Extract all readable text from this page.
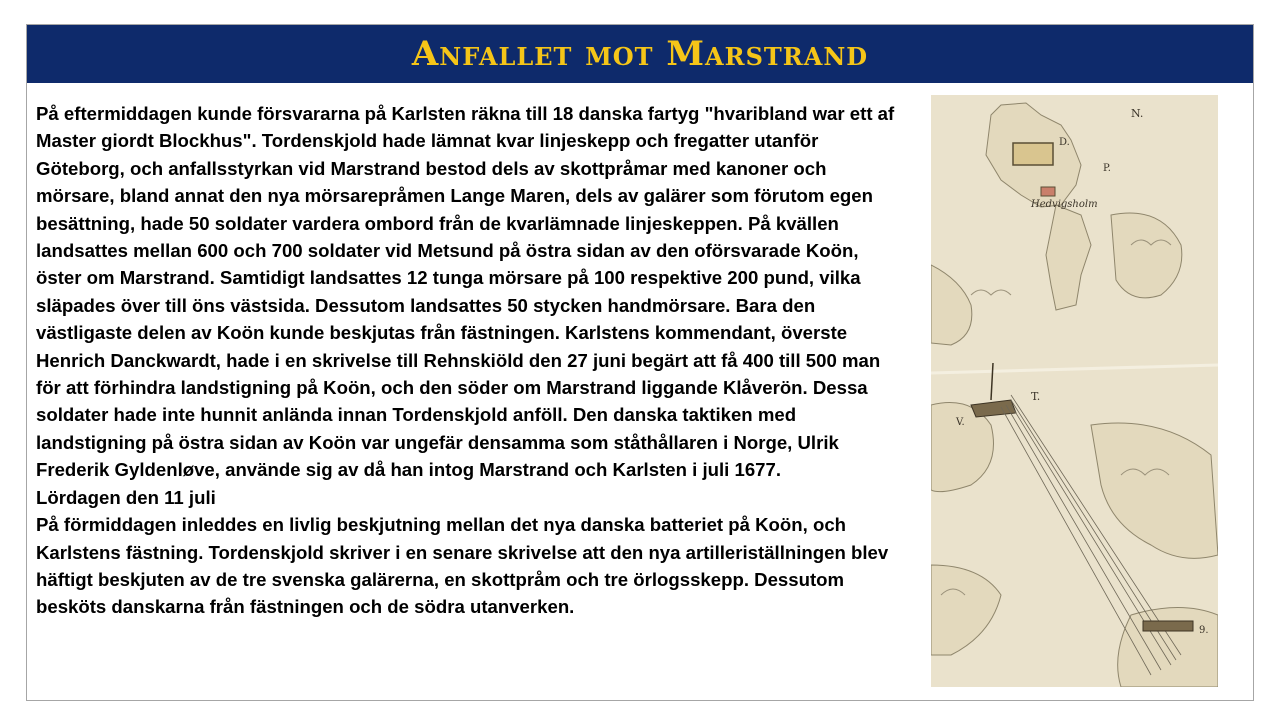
Anfallet mot Marstrand
På eftermiddagen kunde försvararna på Karlsten räkna till 18 danska fartyg "hvaribland war ett af Master giordt Blockhus". Tordenskjold hade lämnat kvar linjeskepp och fregatter utanför Göteborg, och anfallsstyrkan vid Marstrand bestod dels av skottpråmar med kanoner och mörsare, bland annat den nya mörsarepråmen Lange Maren, dels av galärer som förutom egen besättning, hade 50 soldater vardera ombord från de kvarlämnade linjeskeppen. På kvällen landsattes mellan 600 och 700 soldater vid Metsund på östra sidan av den oförsvarade Koön, öster om Marstrand. Samtidigt landsattes 12 tunga mörsare på 100 respektive 200 pund, vilka släpades över till öns västsida. Dessutom landsattes 50 stycken handmörsare. Bara den västligaste delen av Koön kunde beskjutas från fästningen. Karlstens kommendant, överste Henrich Danckwardt, hade i en skrivelse till Rehnskiöld den 27 juni begärt att få 400 till 500 man för att förhindra landstigning på Koön, och den söder om Marstrand liggande Klåverön. Dessa soldater hade inte hunnit anlända innan Tordenskjold anföll. Den danska taktiken med landstigning på östra sidan av Koön var ungefär densamma som ståthållaren i Norge, Ulrik Frederik Gyldenløve, använde sig av då han intog Marstrand och Karlsten i juli 1677.
Lördagen den 11 juli
På förmiddagen inleddes en livlig beskjutning mellan det nya danska batteriet på Koön, och Karlstens fästning. Tordenskjold skriver i en senare skrivelse att den nya artilleriställningen blev häftigt beskjuten av de tre svenska galärerna, en skottpråm och tre örlogsskepp. Dessutom besköts danskarna från fästningen och de södra utanverken.
N.
D.
P.
Hedvigsholm
T.
V.
9.
